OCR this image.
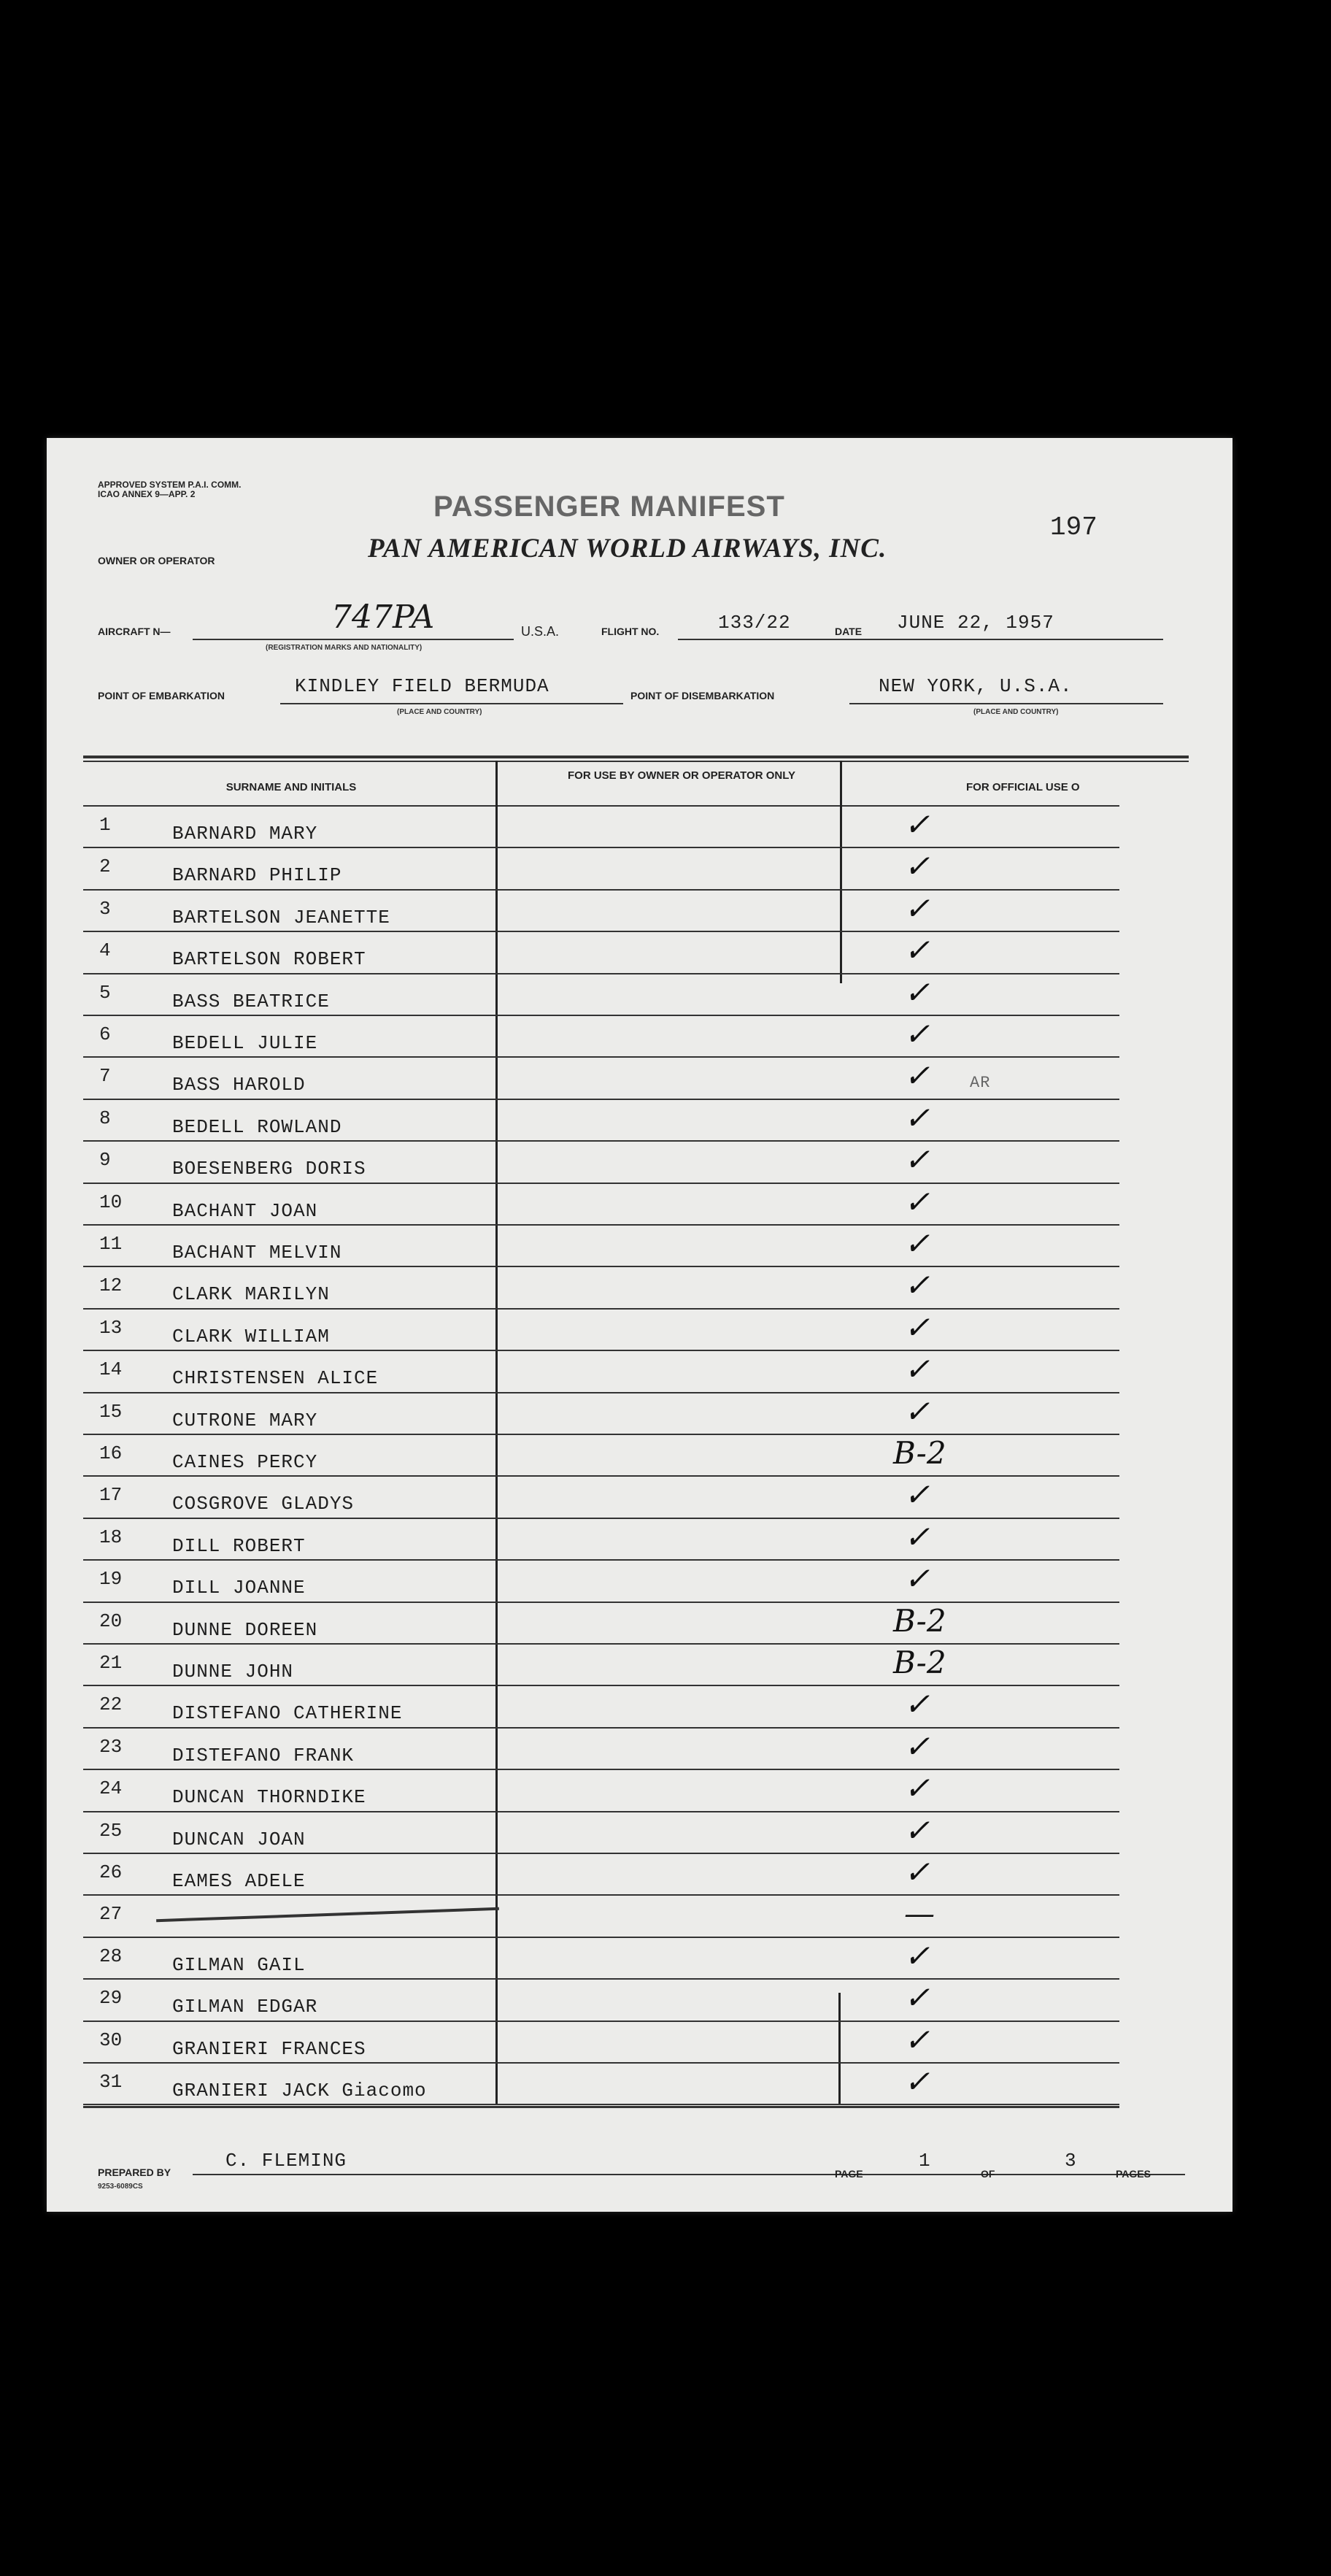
APPROVED SYSTEM P.A.I. COMM. ICAO ANNEX 9—APP. 2	PASSENGER MANIFEST
197
OWNER OR OPERATOR	PAN AMERICAN WORLD AIRWAYS, INC.
AIRCRAFT N—	747PA
(REGISTRATION MARKS AND NATIONALITY)
U.S.A.	FLIGHT NO.	133/22	DATE JUNE 22, 1957
POINT OF EMBARKATION	KINDLEY FIELD BERMUDA
(PLACE AND COUNTRY)
POINT OF DISEMBARKATION	NEW YORK, U.S.A.
(PLACE AND COUNTRY)
SURNAME AND INITIALS
FOR USE BY OWNER OR OPERATOR ONLY
FOR OFFICIAL USE O
1	BARNARD MARY	✓
2	BARNARD PHILIP	✓
3	BARTELSON JEANETTE	✓
4	BARTELSON ROBERT	✓
5	BASS BEATRICE	✓
6	BEDELL JULIE	✓
7	BASS HAROLD	✓ AR
8	BEDELL ROWLAND	✓
9	BOESENBERG DORIS	✓
10	BACHANT JOAN	✓
11	BACHANT MELVIN	✓
12	CLARK MARILYN	✓
13	CLARK WILLIAM	✓
14	CHRISTENSEN ALICE	✓
15	CUTRONE MARY	✓
16	CAINES PERCY	B-2
17	COSGROVE GLADYS	✓
18	DILL ROBERT	✓
19	DILL JOANNE	✓
20	DUNNE DOREEN	B-2
21	DUNNE JOHN	B-2
22	DISTEFANO CATHERINE	✓
23	DISTEFANO FRANK	✓
24	DUNCAN THORNDIKE	✓
25	DUNCAN JOAN	✓
26	EAMES ADELE	✓
27	—
28	GILMAN GAIL	✓
29	GILMAN EDGAR	✓
30	GRANIERI FRANCES	✓
31	GRANIERI JACK Giacomo	✓
PREPARED BY
C. FLEMING
9253-6089CS
PAGE
1
OF
3
PAGES
